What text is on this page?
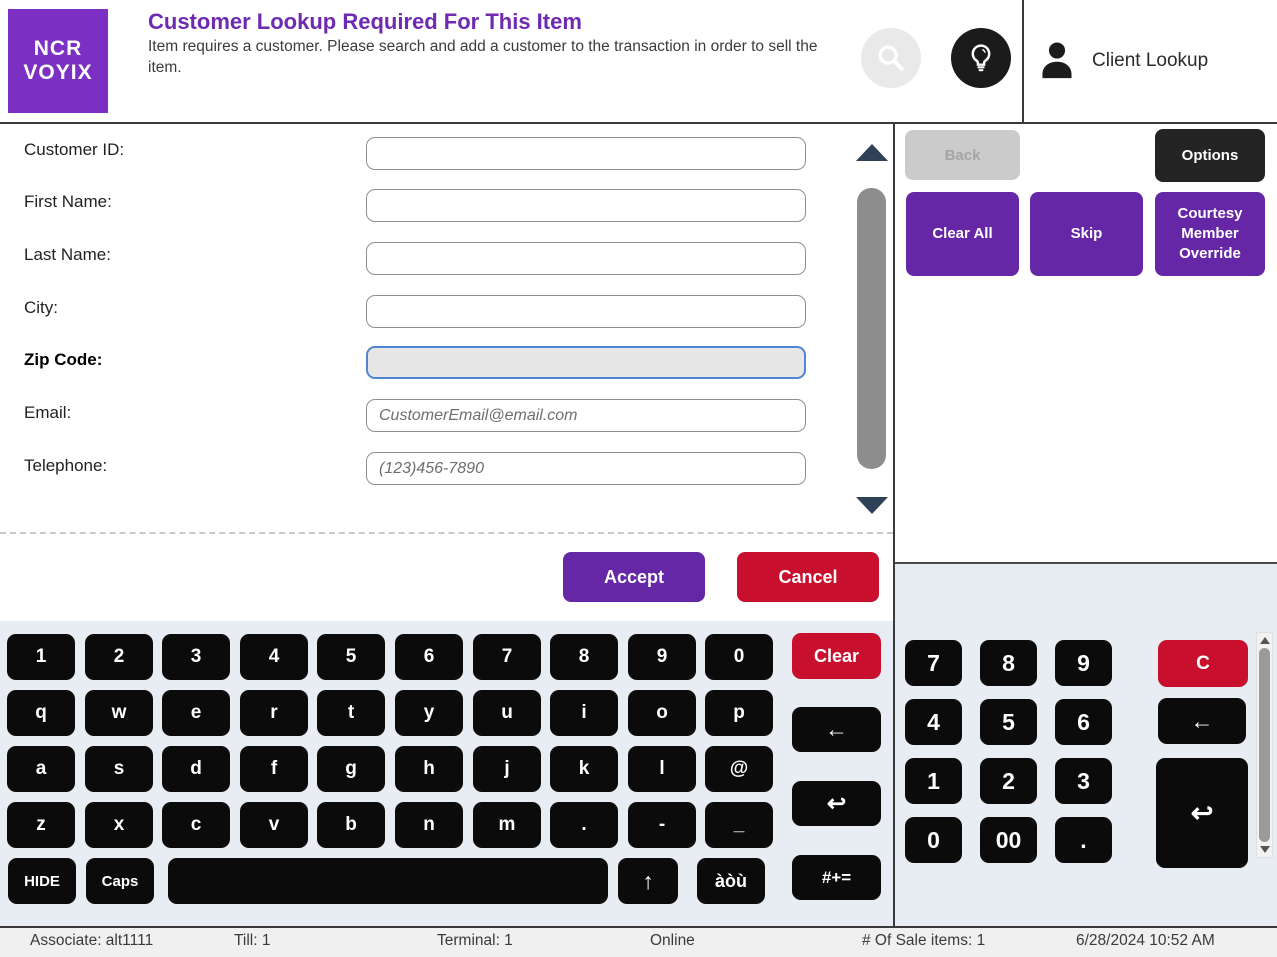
NCR
VOYIX
Customer Lookup Required For This Item
Item requires a customer. Please search and add a customer to the transaction in order to sell the item.	Client Lookup
Customer ID:
First Name:
Last Name:
City:
Zip Code:
Email:
CustomerEmail@email.com
Telephone:
(123)456-7890
Accept	Cancel
Back	Options
Clear All	Skip
Courtesy Member Override
1	2	3	4	5	6	7	8	9	0
q	w	e	r	t	y	u	i	o	p
a	s	d	f	g	h	j	k	l	@
z	x	c	v	b	n	m	.	-	_
Clear
←
↩
#+=
HIDE	Caps	↑	àòù
7	8	9
4	5	6
1	2	3
0	00	.
C
←
↩
Associate: alt1111	Till: 1	Terminal: 1	Online	# Of Sale items: 1	6/28/2024 10:52 AM
